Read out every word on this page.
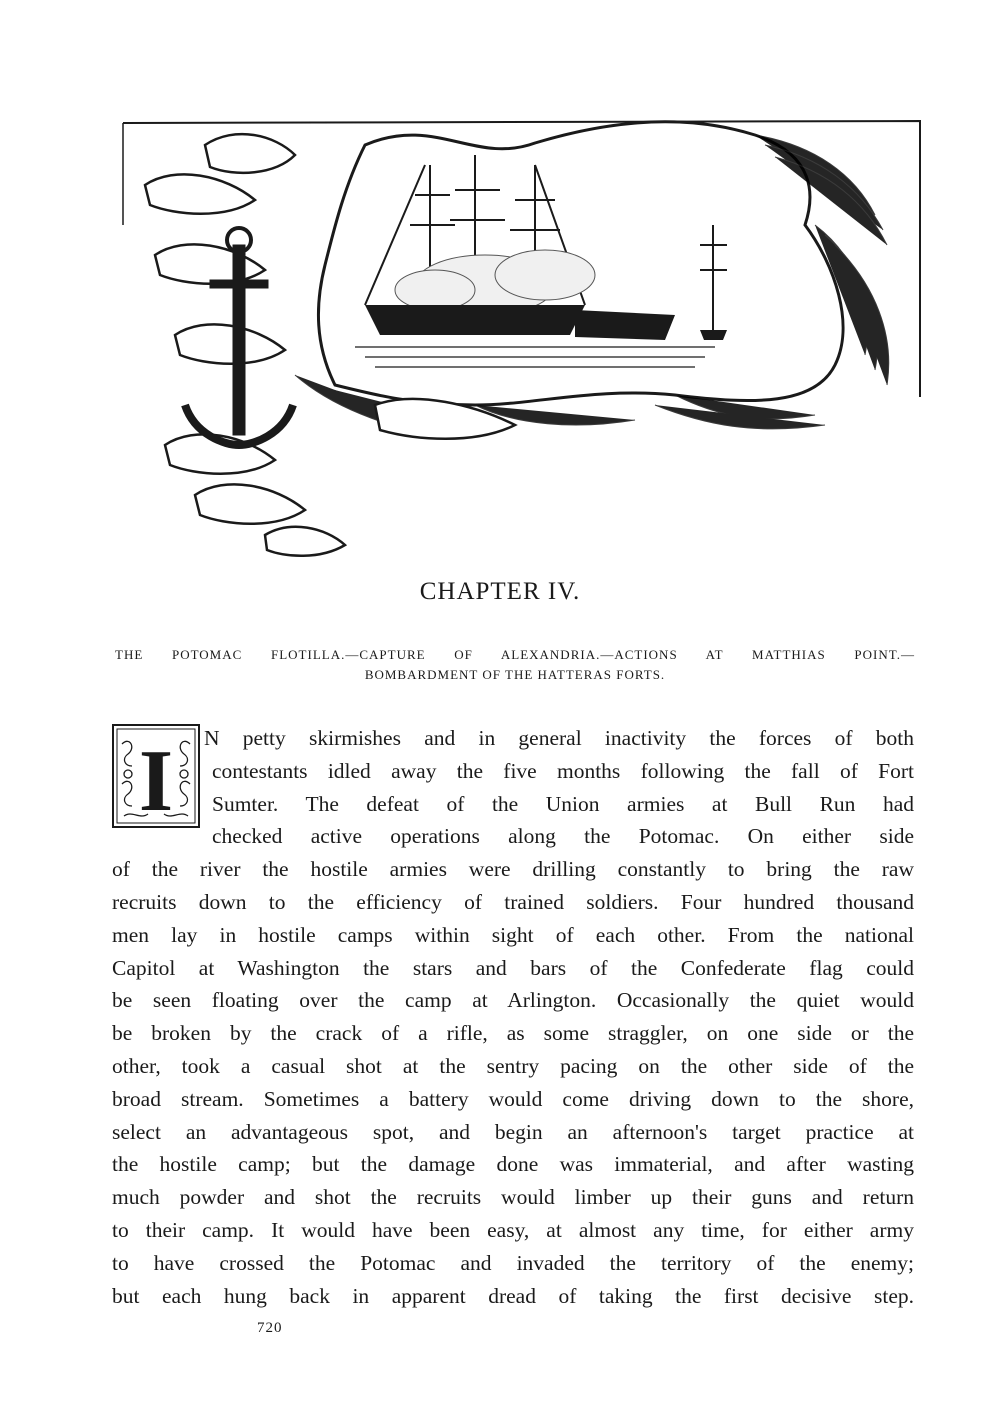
CHAPTER IV.
THE POTOMAC FLOTILLA.—CAPTURE OF ALEXANDRIA.—ACTIONS AT MATTHIAS POINT.—
BOMBARDMENT OF THE HATTERAS FORTS.
I N petty skirmishes and in general inactivity the forces of both
contestants idled away the five months following the fall of Fort
Sumter. The defeat of the Union armies at Bull Run had
checked active operations along the Potomac. On either side
of the river the hostile armies were drilling constantly to bring the raw
recruits down to the efficiency of trained soldiers. Four hundred thousand
men lay in hostile camps within sight of each other. From the national
Capitol at Washington the stars and bars of the Confederate flag could
be seen floating over the camp at Arlington. Occasionally the quiet would
be broken by the crack of a rifle, as some straggler, on one side or the
other, took a casual shot at the sentry pacing on the other side of the
broad stream. Sometimes a battery would come driving down to the shore,
select an advantageous spot, and begin an afternoon's target practice at
the hostile camp; but the damage done was immaterial, and after wasting
much powder and shot the recruits would limber up their guns and return
to their camp. It would have been easy, at almost any time, for either army
to have crossed the Potomac and invaded the territory of the enemy;
but each hung back in apparent dread of taking the first decisive step.
720
